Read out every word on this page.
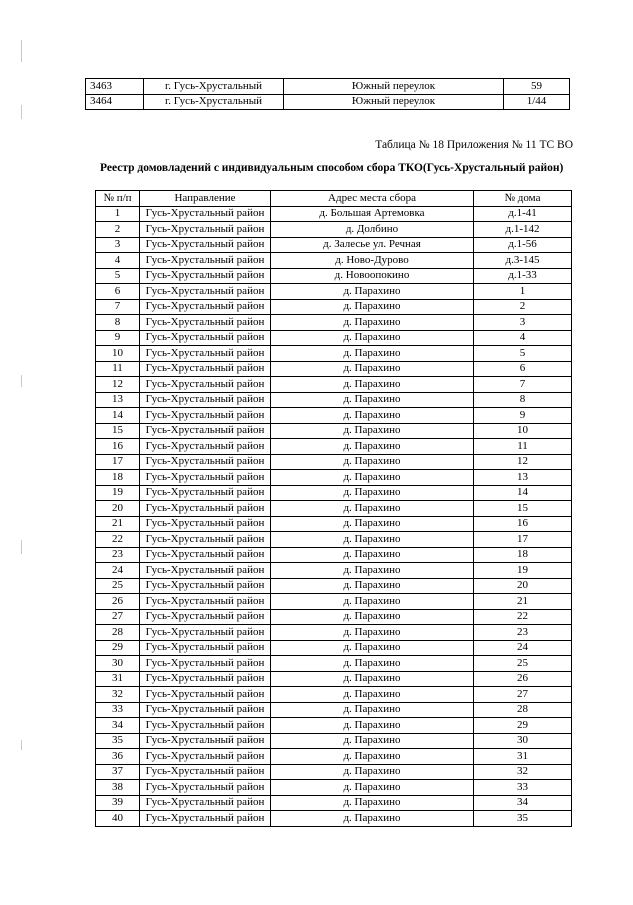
3463	г. Гусь-Хрустальный	Южный переулок	59
3464	г. Гусь-Хрустальный	Южный переулок	1/44
Таблица № 18 Приложения № 11 ТС ВО
Реестр домовладений с индивидуальным способом сбора ТКО(Гусь-Хрустальный район)
№ п/п	Направление	Адрес места сбора	№ дома
1	Гусь-Хрустальный район	д. Большая Артемовка	д.1-41
2	Гусь-Хрустальный район	д. Долбино	д.1-142
3	Гусь-Хрустальный район	д. Залесье ул. Речная	д.1-56
4	Гусь-Хрустальный район	д. Ново-Дурово	д.3-145
5	Гусь-Хрустальный район	д. Новоопокино	д.1-33
6	Гусь-Хрустальный район	д. Парахино	1
7	Гусь-Хрустальный район	д. Парахино	2
8	Гусь-Хрустальный район	д. Парахино	3
9	Гусь-Хрустальный район	д. Парахино	4
10	Гусь-Хрустальный район	д. Парахино	5
11	Гусь-Хрустальный район	д. Парахино	6
12	Гусь-Хрустальный район	д. Парахино	7
13	Гусь-Хрустальный район	д. Парахино	8
14	Гусь-Хрустальный район	д. Парахино	9
15	Гусь-Хрустальный район	д. Парахино	10
16	Гусь-Хрустальный район	д. Парахино	11
17	Гусь-Хрустальный район	д. Парахино	12
18	Гусь-Хрустальный район	д. Парахино	13
19	Гусь-Хрустальный район	д. Парахино	14
20	Гусь-Хрустальный район	д. Парахино	15
21	Гусь-Хрустальный район	д. Парахино	16
22	Гусь-Хрустальный район	д. Парахино	17
23	Гусь-Хрустальный район	д. Парахино	18
24	Гусь-Хрустальный район	д. Парахино	19
25	Гусь-Хрустальный район	д. Парахино	20
26	Гусь-Хрустальный район	д. Парахино	21
27	Гусь-Хрустальный район	д. Парахино	22
28	Гусь-Хрустальный район	д. Парахино	23
29	Гусь-Хрустальный район	д. Парахино	24
30	Гусь-Хрустальный район	д. Парахино	25
31	Гусь-Хрустальный район	д. Парахино	26
32	Гусь-Хрустальный район	д. Парахино	27
33	Гусь-Хрустальный район	д. Парахино	28
34	Гусь-Хрустальный район	д. Парахино	29
35	Гусь-Хрустальный район	д. Парахино	30
36	Гусь-Хрустальный район	д. Парахино	31
37	Гусь-Хрустальный район	д. Парахино	32
38	Гусь-Хрустальный район	д. Парахино	33
39	Гусь-Хрустальный район	д. Парахино	34
40	Гусь-Хрустальный район	д. Парахино	35
